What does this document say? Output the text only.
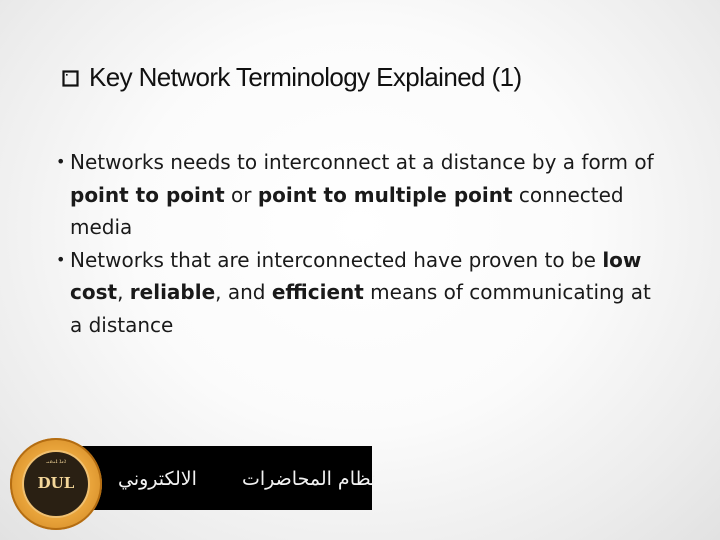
Key Network Terminology Explained (1)
• Networks needs to interconnect at a distance by a form of point to point or point to multiple point connected media
• Networks that are interconnected have proven to be low cost, reliable, and efficient means of communicating at a distance
ܐܢܐ ܐܝܬܝ
DUL	الالكتروني نظام المحاضرات
